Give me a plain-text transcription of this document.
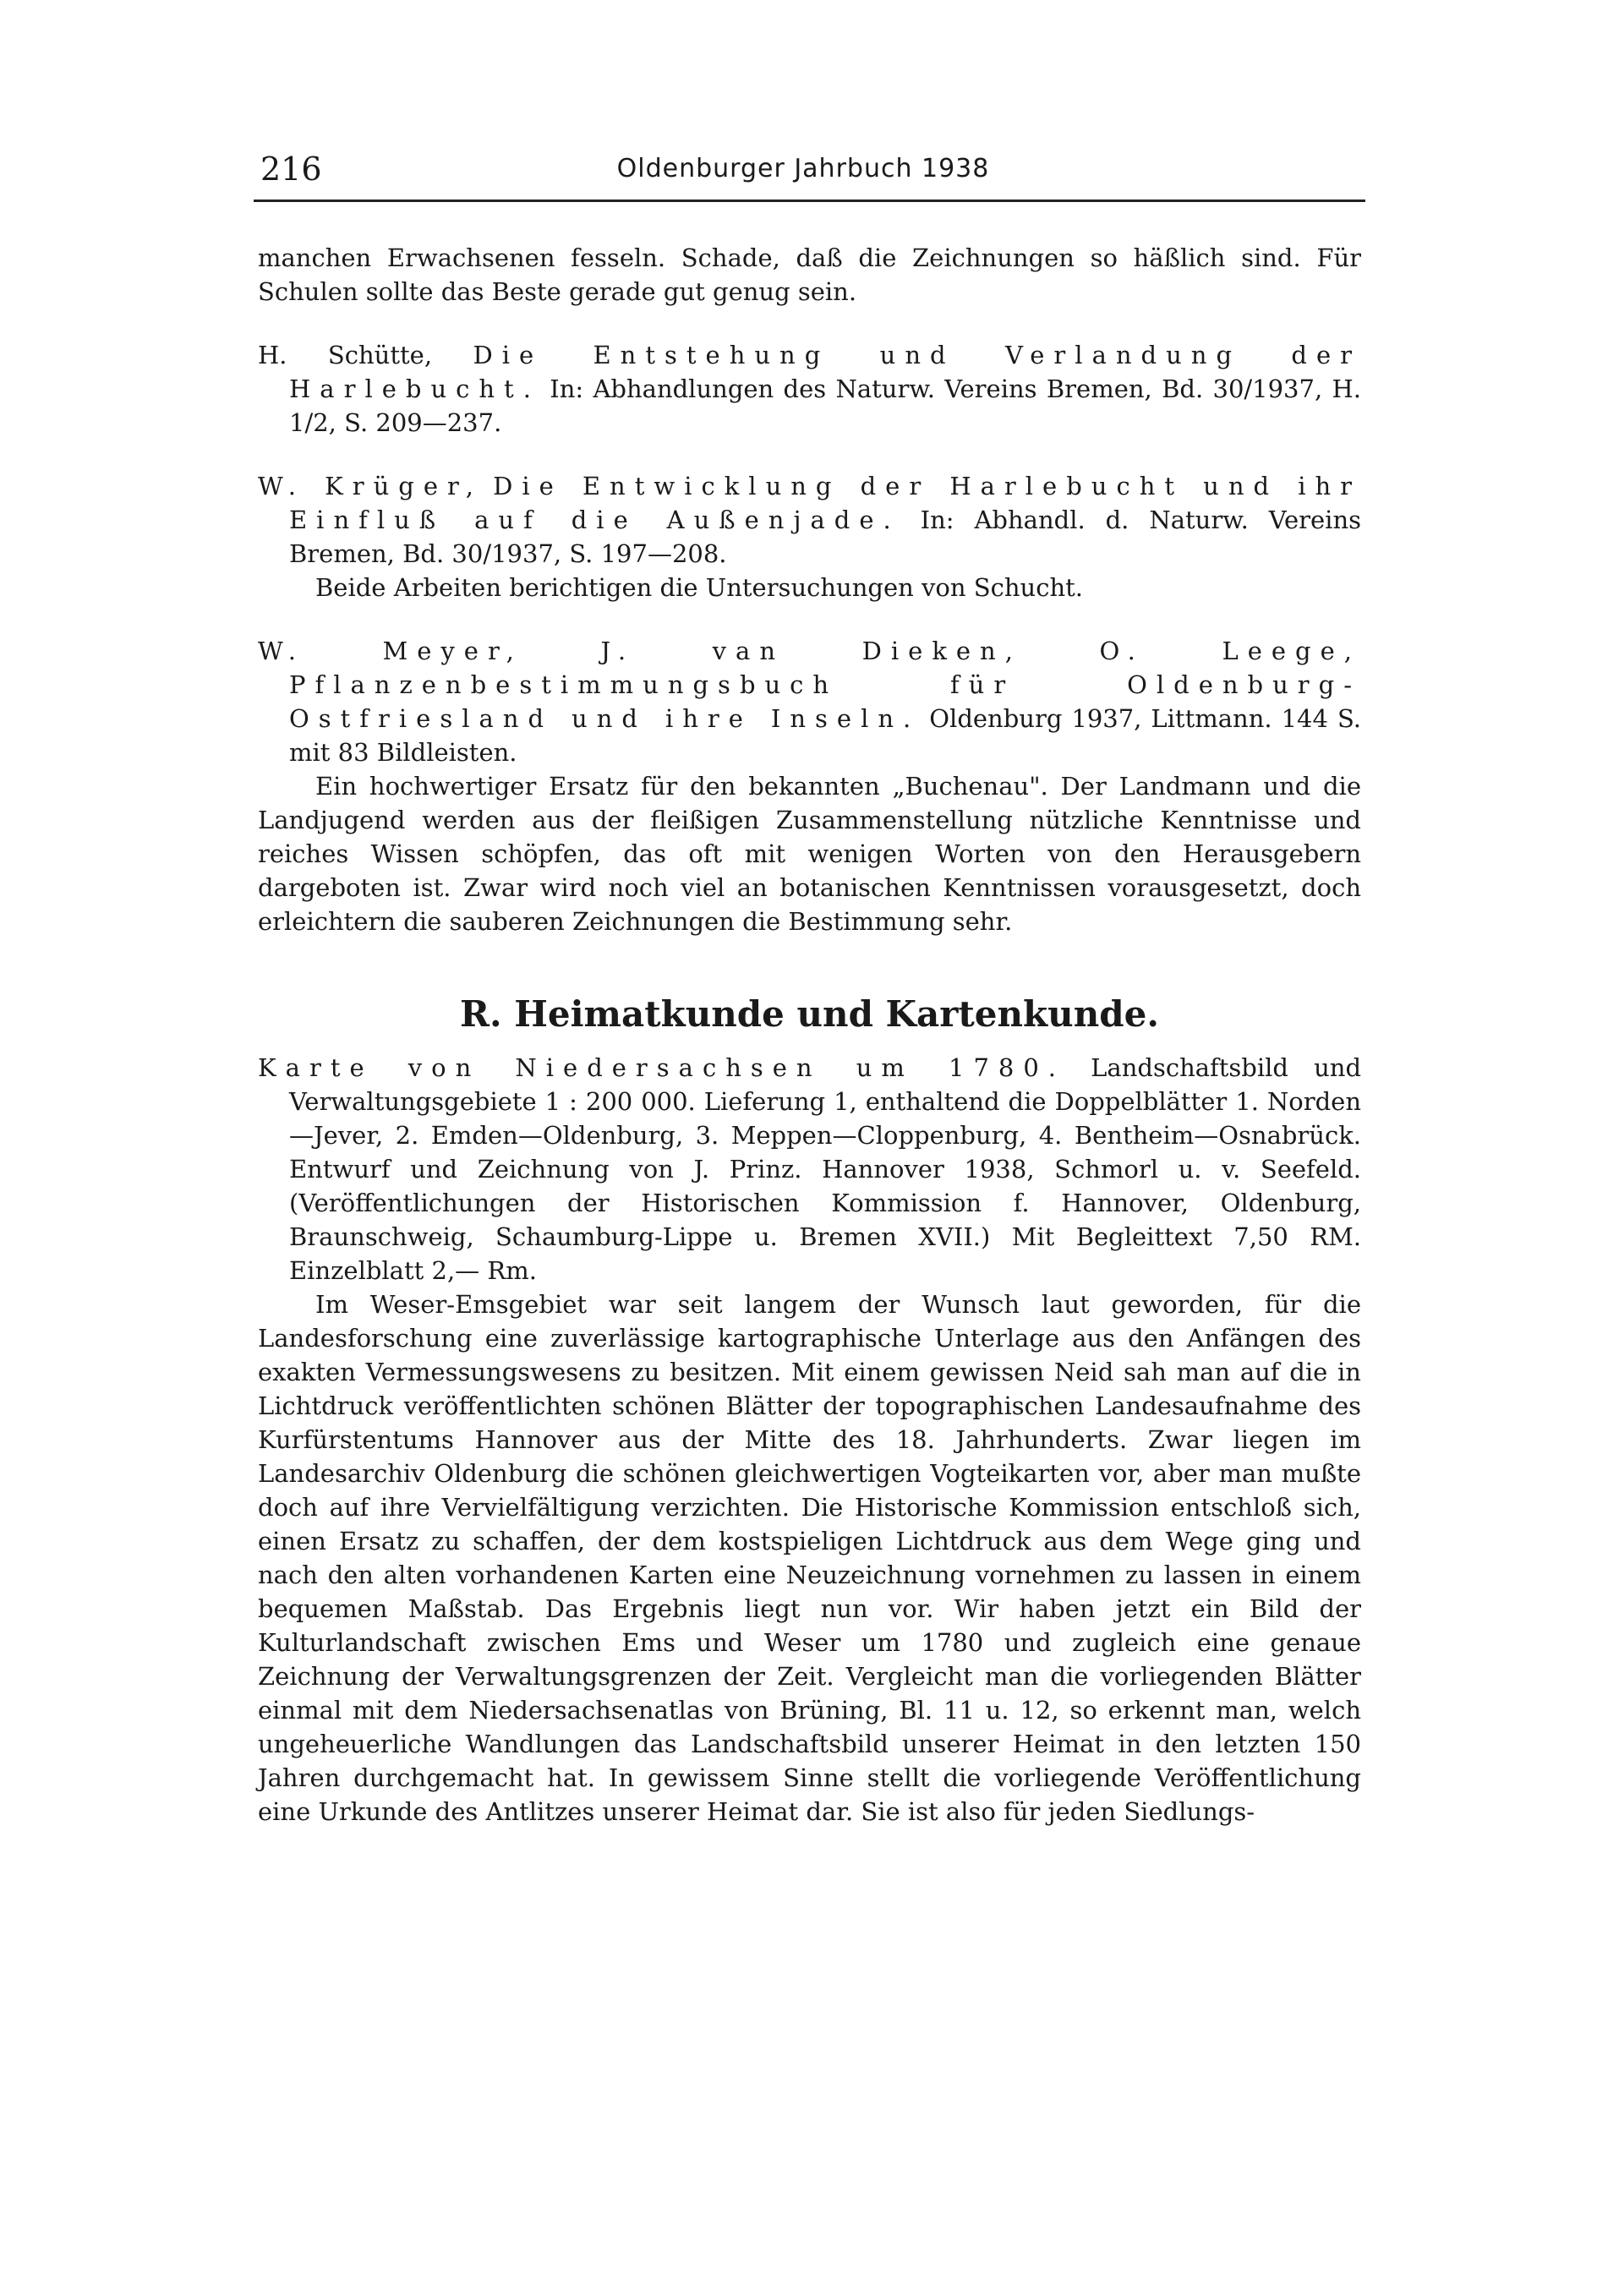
216	Oldenburger Jahrbuch 1938

manchen Erwachsenen fesseln. Schade, daß die Zeichnungen so häßlich sind. Für Schulen sollte das Beste gerade gut genug sein.

H. Schütte, Die Entstehung und Verlandung der Harlebucht. In: Abhandlungen des Naturw. Vereins Bremen, Bd. 30/1937, H. 1/2, S. 209—237.

W. Krüger, Die Entwicklung der Harlebucht und ihr Einfluß auf die Außenjade. In: Abhandl. d. Naturw. Vereins Bremen, Bd. 30/1937, S. 197—208.

Beide Arbeiten berichtigen die Untersuchungen von Schucht.

W. Meyer, J. van Dieken, O. Leege, Pflanzenbestimmungsbuch für Oldenburg-Ostfriesland und ihre Inseln. Oldenburg 1937, Littmann. 144 S. mit 83 Bildleisten.

Ein hochwertiger Ersatz für den bekannten „Buchenau". Der Landmann und die Landjugend werden aus der fleißigen Zusammenstellung nützliche Kenntnisse und reiches Wissen schöpfen, das oft mit wenigen Worten von den Herausgebern dargeboten ist. Zwar wird noch viel an botanischen Kenntnissen vorausgesetzt, doch erleichtern die sauberen Zeichnungen die Bestimmung sehr.

R. Heimatkunde und Kartenkunde.

Karte von Niedersachsen um 1780. Landschaftsbild und Verwaltungsgebiete 1 : 200 000. Lieferung 1, enthaltend die Doppelblätter 1. Norden—Jever, 2. Emden—Oldenburg, 3. Meppen—Cloppenburg, 4. Bentheim—Osnabrück. Entwurf und Zeichnung von J. Prinz. Hannover 1938, Schmorl u. v. Seefeld. (Veröffentlichungen der Historischen Kommission f. Hannover, Oldenburg, Braunschweig, Schaumburg-Lippe u. Bremen XVII.) Mit Begleittext 7,50 RM. Einzelblatt 2,— Rm.

Im Weser-Emsgebiet war seit langem der Wunsch laut geworden, für die Landesforschung eine zuverlässige kartographische Unterlage aus den Anfängen des exakten Vermessungswesens zu besitzen. Mit einem gewissen Neid sah man auf die in Lichtdruck veröffentlichten schönen Blätter der topographischen Landesaufnahme des Kurfürstentums Hannover aus der Mitte des 18. Jahrhunderts. Zwar liegen im Landesarchiv Oldenburg die schönen gleichwertigen Vogteikarten vor, aber man mußte doch auf ihre Vervielfältigung verzichten. Die Historische Kommission entschloß sich, einen Ersatz zu schaffen, der dem kostspieligen Lichtdruck aus dem Wege ging und nach den alten vorhandenen Karten eine Neuzeichnung vornehmen zu lassen in einem bequemen Maßstab. Das Ergebnis liegt nun vor. Wir haben jetzt ein Bild der Kulturlandschaft zwischen Ems und Weser um 1780 und zugleich eine genaue Zeichnung der Verwaltungsgrenzen der Zeit. Vergleicht man die vorliegenden Blätter einmal mit dem Niedersachsenatlas von Brüning, Bl. 11 u. 12, so erkennt man, welch ungeheuerliche Wandlungen das Landschaftsbild unserer Heimat in den letzten 150 Jahren durchgemacht hat. In gewissem Sinne stellt die vorliegende Veröffentlichung eine Urkunde des Antlitzes unserer Heimat dar. Sie ist also für jeden Siedlungs-
